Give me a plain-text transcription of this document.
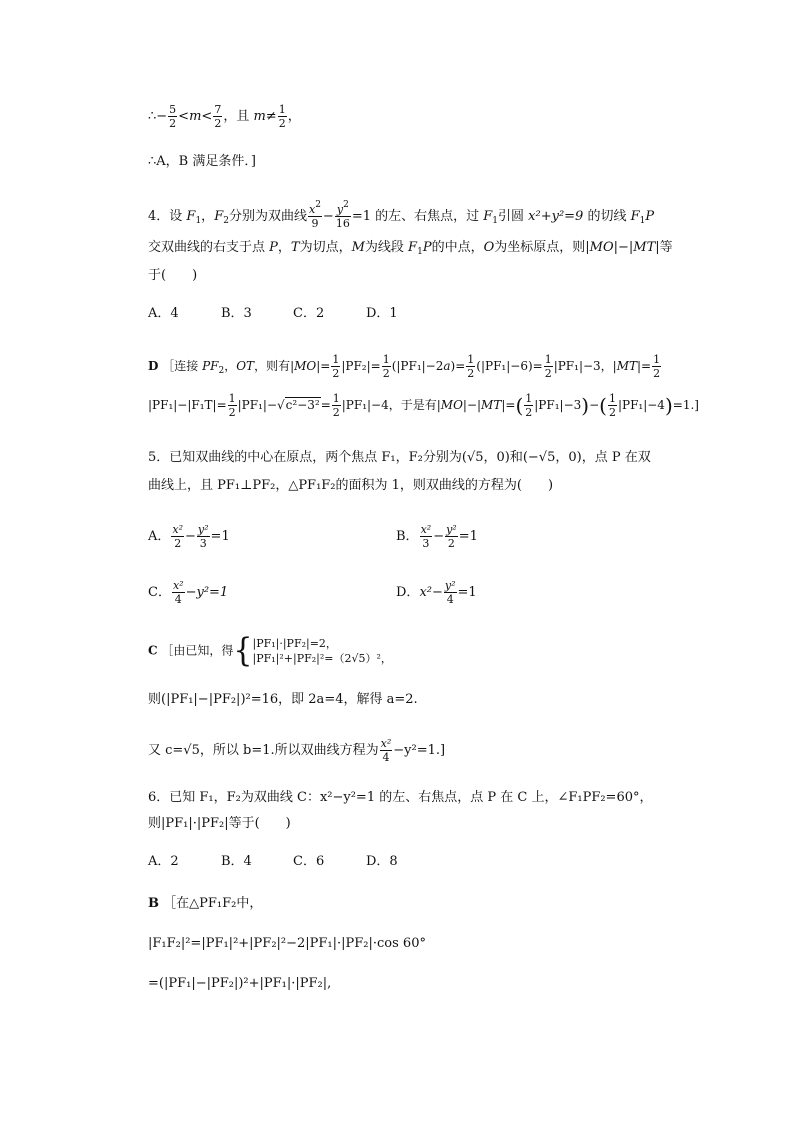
∴− $\frac{5}{2} <m< \frac{7}{2}$ ，且 $m\ne \frac{1}{2}$ ，
∴A，B 满足条件．]
4．设 $F_1$，$F_2$分别为双曲线 $\frac{x^2}{9} - \frac{y^2}{16} =1$ 的左、右焦点，过 $F_1$引圆 x²+y²=9 的切线 $F_1P$
交双曲线的右支于点 P，T为切点，M为线段 $F_1P$的中点，O为坐标原点，则|MO|−|MT|等
于(　　)
A．4	B．3	C．2	D．1
D ［连接 $PF_2$，OT，则有$|MO|= \frac{1}{2} |PF_2|= \frac{1}{2} (|PF_1|-2a)= \frac{1}{2} (|PF_1|-6)= \frac{1}{2} |PF_1|-3$，$|MT|= \frac{1}{2}$
$|PF_1|-|F_1T|= \frac{1}{2} |PF_1|-√c^2-3^2= \frac{1}{2} |PF_1|-4$，于是有$|MO|-|MT|=( \frac{1}{2} |PF_1|-3)-( \frac{1}{2} |PF_1|-4)=1$.]
5．已知双曲线的中心在原点，两个焦点 F₁，F₂分别为(√5，0)和(−√5，0)，点 P 在双
曲线上，且 PF₁⊥PF₂，△PF₁F₂的面积为 1，则双曲线的方程为(　　)
A． $\frac{\text{x²}}{2} - \frac{\text{y²}}{3} =1$	B． $\frac{\text{x²}}{3} - \frac{\text{y²}}{2} =1$
C． $\frac{\text{x²}}{4} -y^2=1$	D．$x^2- \frac{\text{y²}}{4} =1$
C ［由已知，得{ |PF₁|·|PF₂|=2，
|PF₁|²+|PF₂|²=（2√5）²，
则(|PF₁|−|PF₂|)²=16，即 2a=4，解得 a=2.
又 c=√5，所以 b=1.所以双曲线方程为 $\frac{\text{x²}}{4} -y^2=1$.]
6．已知 F₁，F₂为双曲线 C：x²−y²=1 的左、右焦点，点 P 在 C 上，∠F₁PF₂=60°，
则|PF₁|·|PF₂|等于(　　)
A．2	B．4	C．6	D．8
B ［在△PF₁F₂中，
|F₁F₂|²=|PF₁|²+|PF₂|²−2|PF₁|·|PF₂|·cos 60°
=(|PF₁|−|PF₂|)²+|PF₁|·|PF₂|,
